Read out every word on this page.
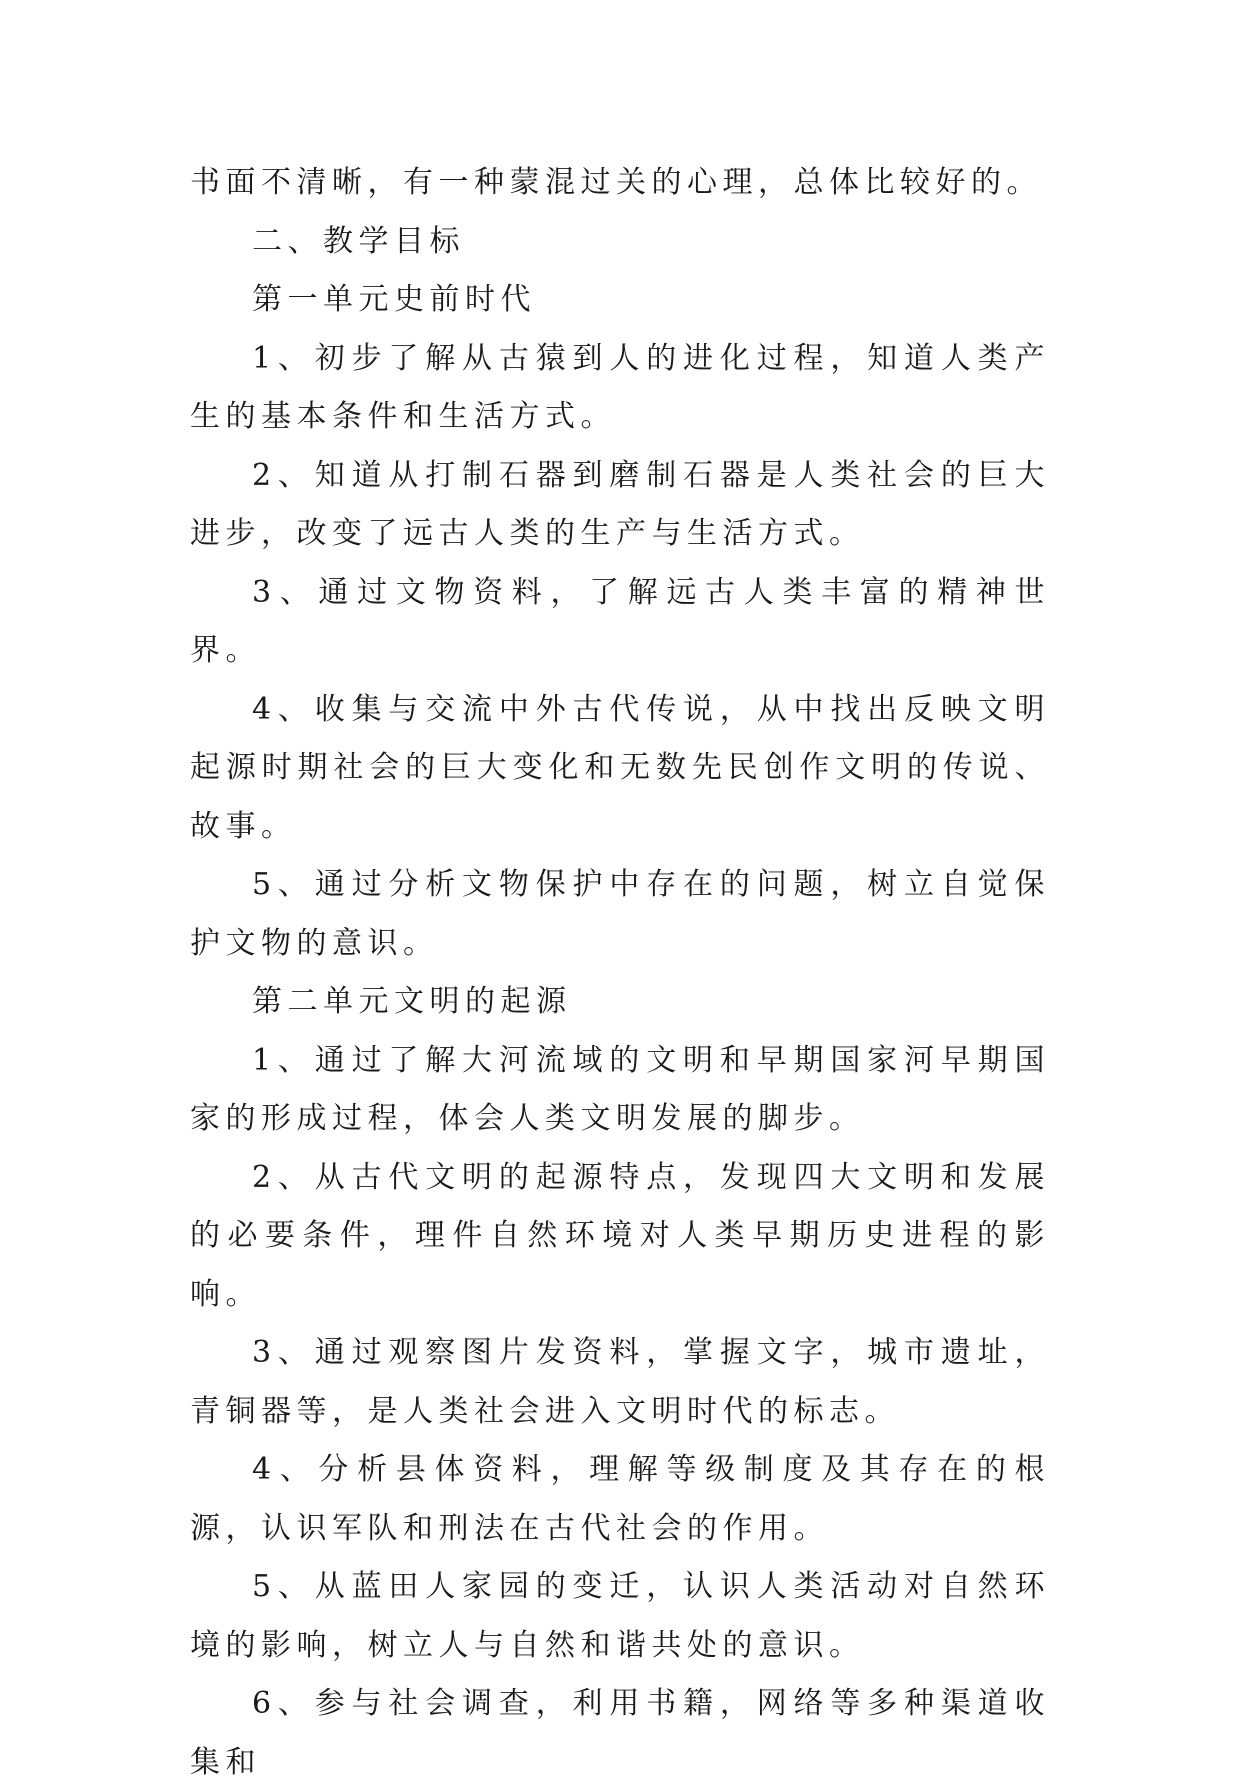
书面不清晰，有一种蒙混过关的心理，总体比较好的。

二、教学目标

第一单元史前时代

1、初步了解从古猿到人的进化过程，知道人类产生的基本条件和生活方式。

2、知道从打制石器到磨制石器是人类社会的巨大进步，改变了远古人类的生产与生活方式。

3、通过文物资料，了解远古人类丰富的精神世界。

4、收集与交流中外古代传说，从中找出反映文明起源时期社会的巨大变化和无数先民创作文明的传说、故事。

5、通过分析文物保护中存在的问题，树立自觉保护文物的意识。

第二单元文明的起源

1、通过了解大河流域的文明和早期国家河早期国家的形成过程，体会人类文明发展的脚步。

2、从古代文明的起源特点，发现四大文明和发展的必要条件，理件自然环境对人类早期历史进程的影响。

3、通过观察图片发资料，掌握文字，城市遗址，青铜器等，是人类社会进入文明时代的标志。

4、分析县体资料，理解等级制度及其存在的根源，认识军队和刑法在古代社会的作用。

5、从蓝田人家园的变迁，认识人类活动对自然环境的影响，树立人与自然和谐共处的意识。

6、参与社会调查，利用书籍，网络等多种渠道收集和
